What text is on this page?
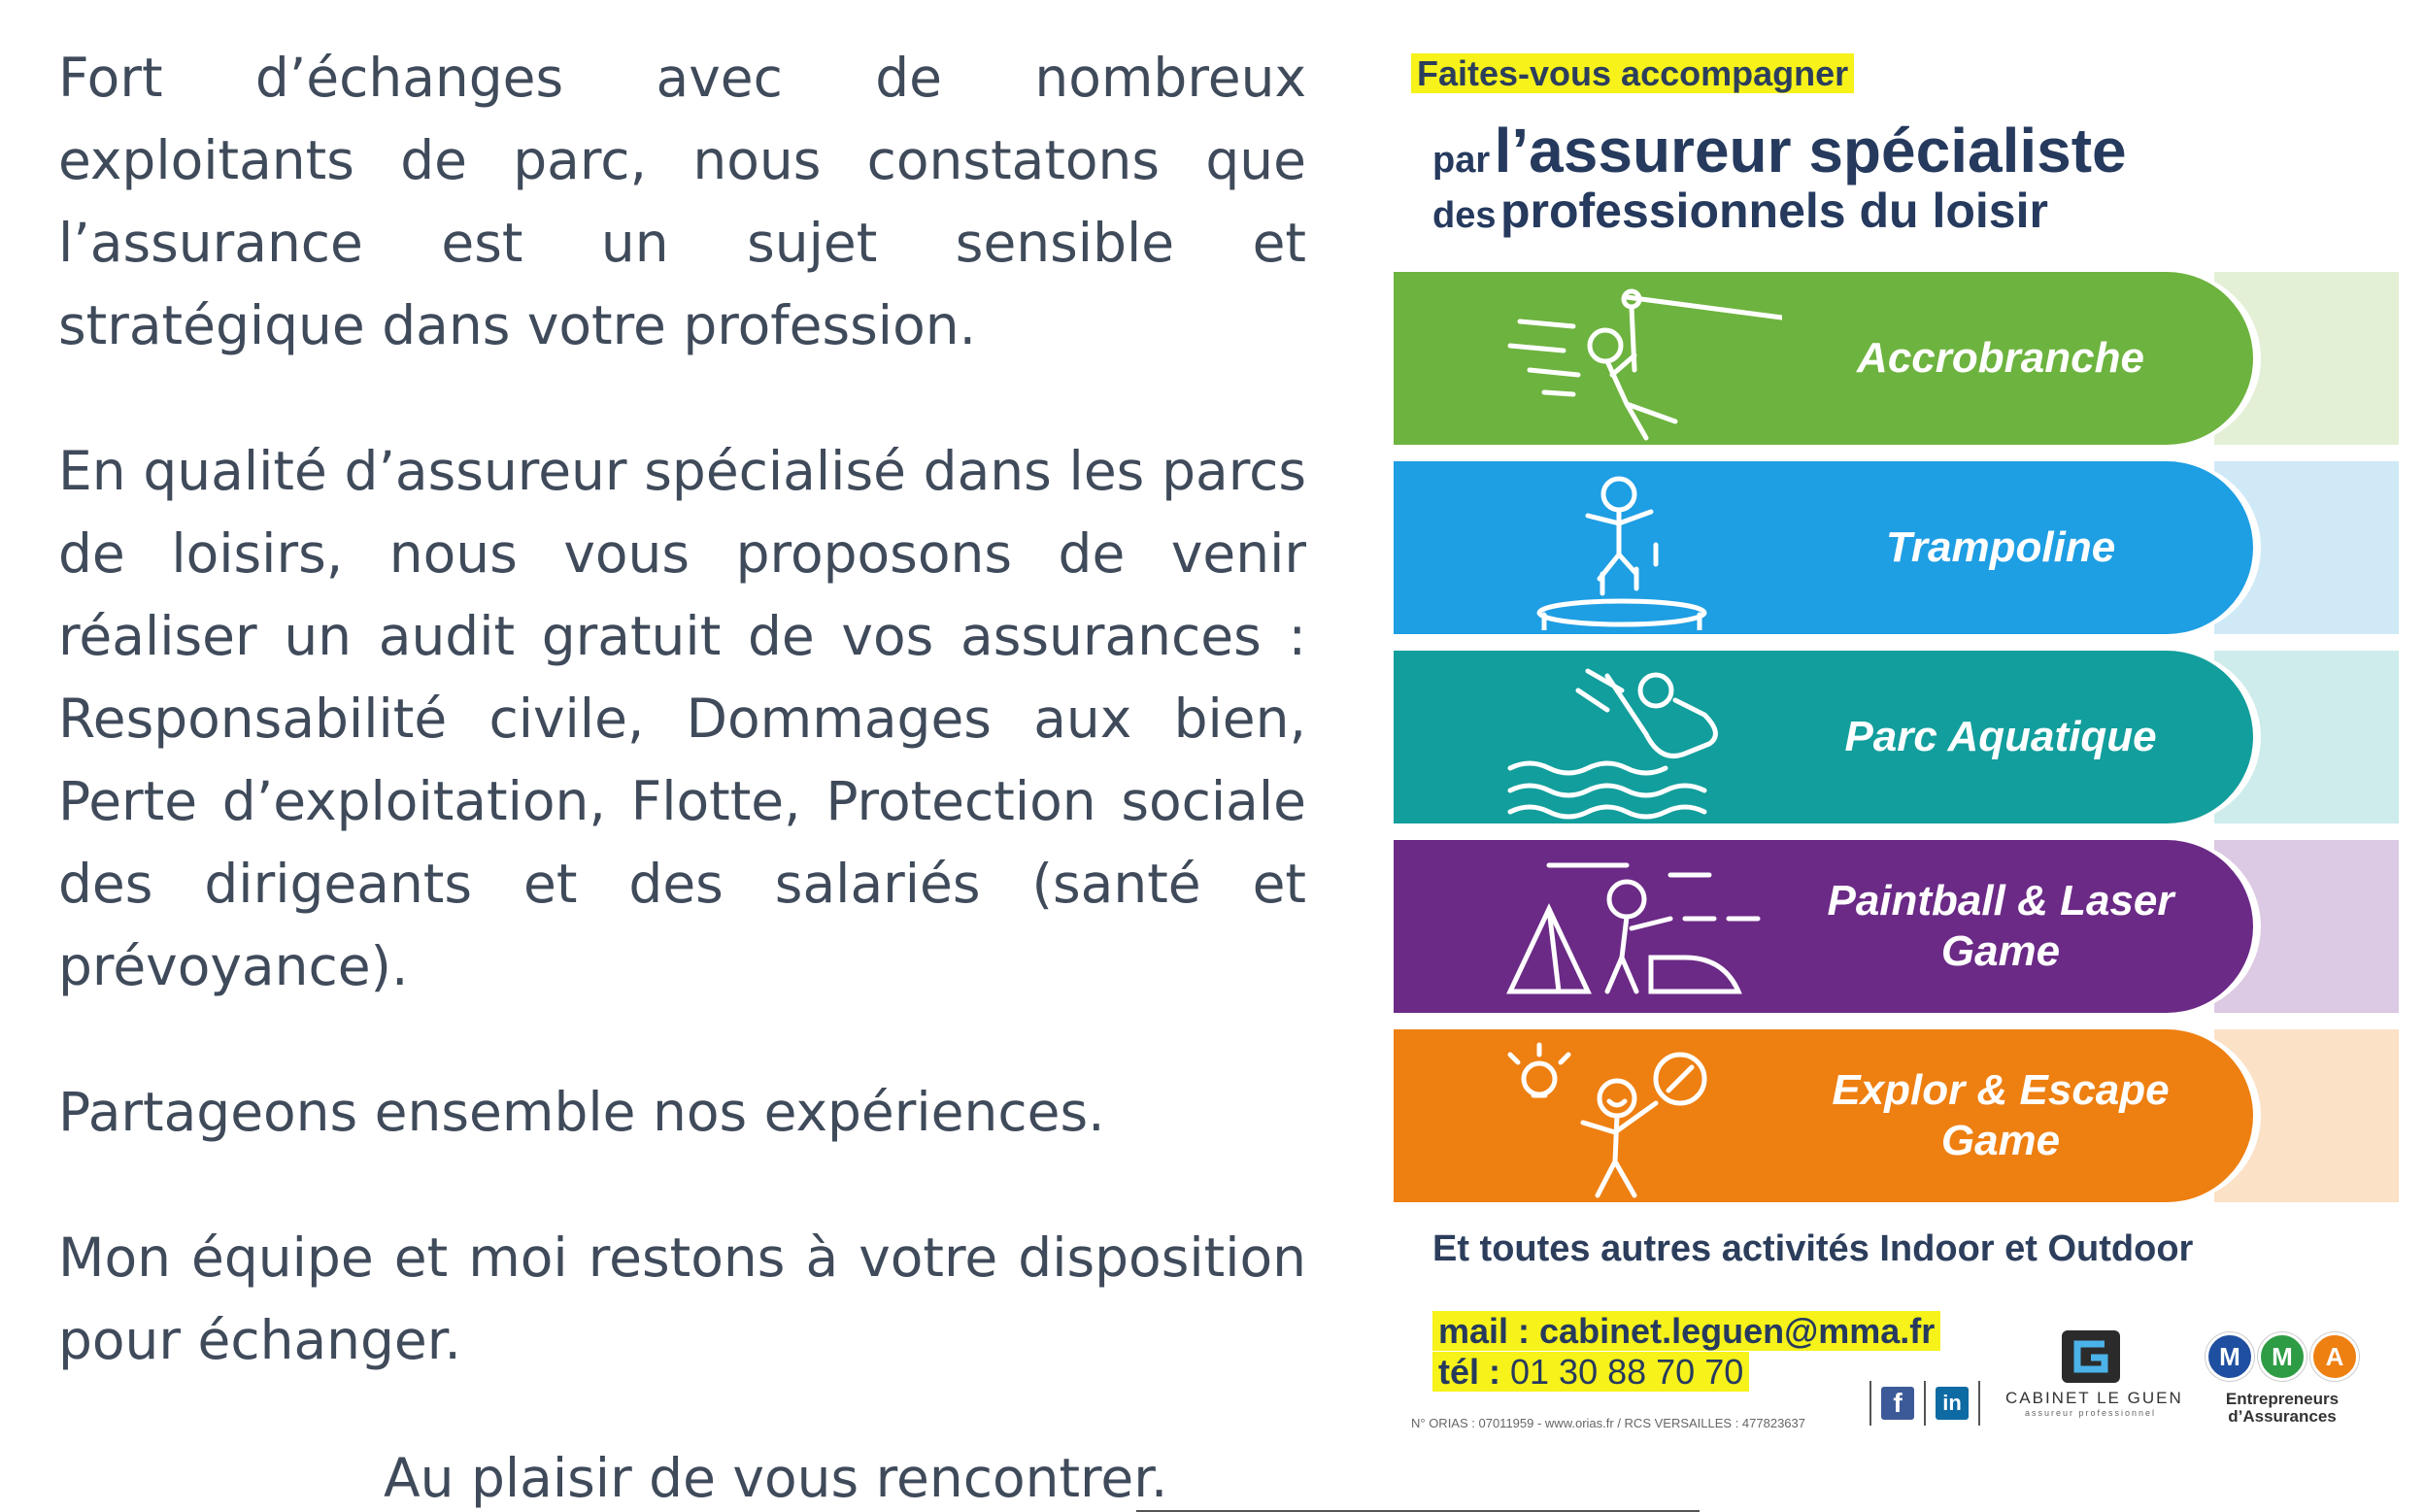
Fort d’échanges avec de nombreux exploitants de parc, nous constatons que l’assurance est un sujet sensible et stratégique dans votre profession.

En qualité d’assureur spécialisé dans les parcs de loisirs, nous vous proposons de venir réaliser un audit gratuit de vos assurances : Responsabilité civile, Dommages aux bien, Perte d’exploitation, Flotte, Protection sociale des dirigeants et des salariés (santé et prévoyance).

Partageons ensemble nos expériences.

Mon équipe et moi restons à votre disposition pour échanger.

Au plaisir de vous rencontrer.
Faites-vous accompagner
par l’assureur spécialiste
des professionnels du loisir
Accrobranche
Trampoline
Parc Aquatique
Paintball & Laser Game
Explor & Escape Game
Et toutes autres activités Indoor et Outdoor
mail : cabinet.leguen@mma.fr
tél : 01 30 88 70 70
N° ORIAS : 07011959 - www.orias.fr / RCS VERSAILLES : 477823637
f	in	CABINET LE GUEN
assureur professionnel
M	M	A
Entrepreneurs
d’Assurances
